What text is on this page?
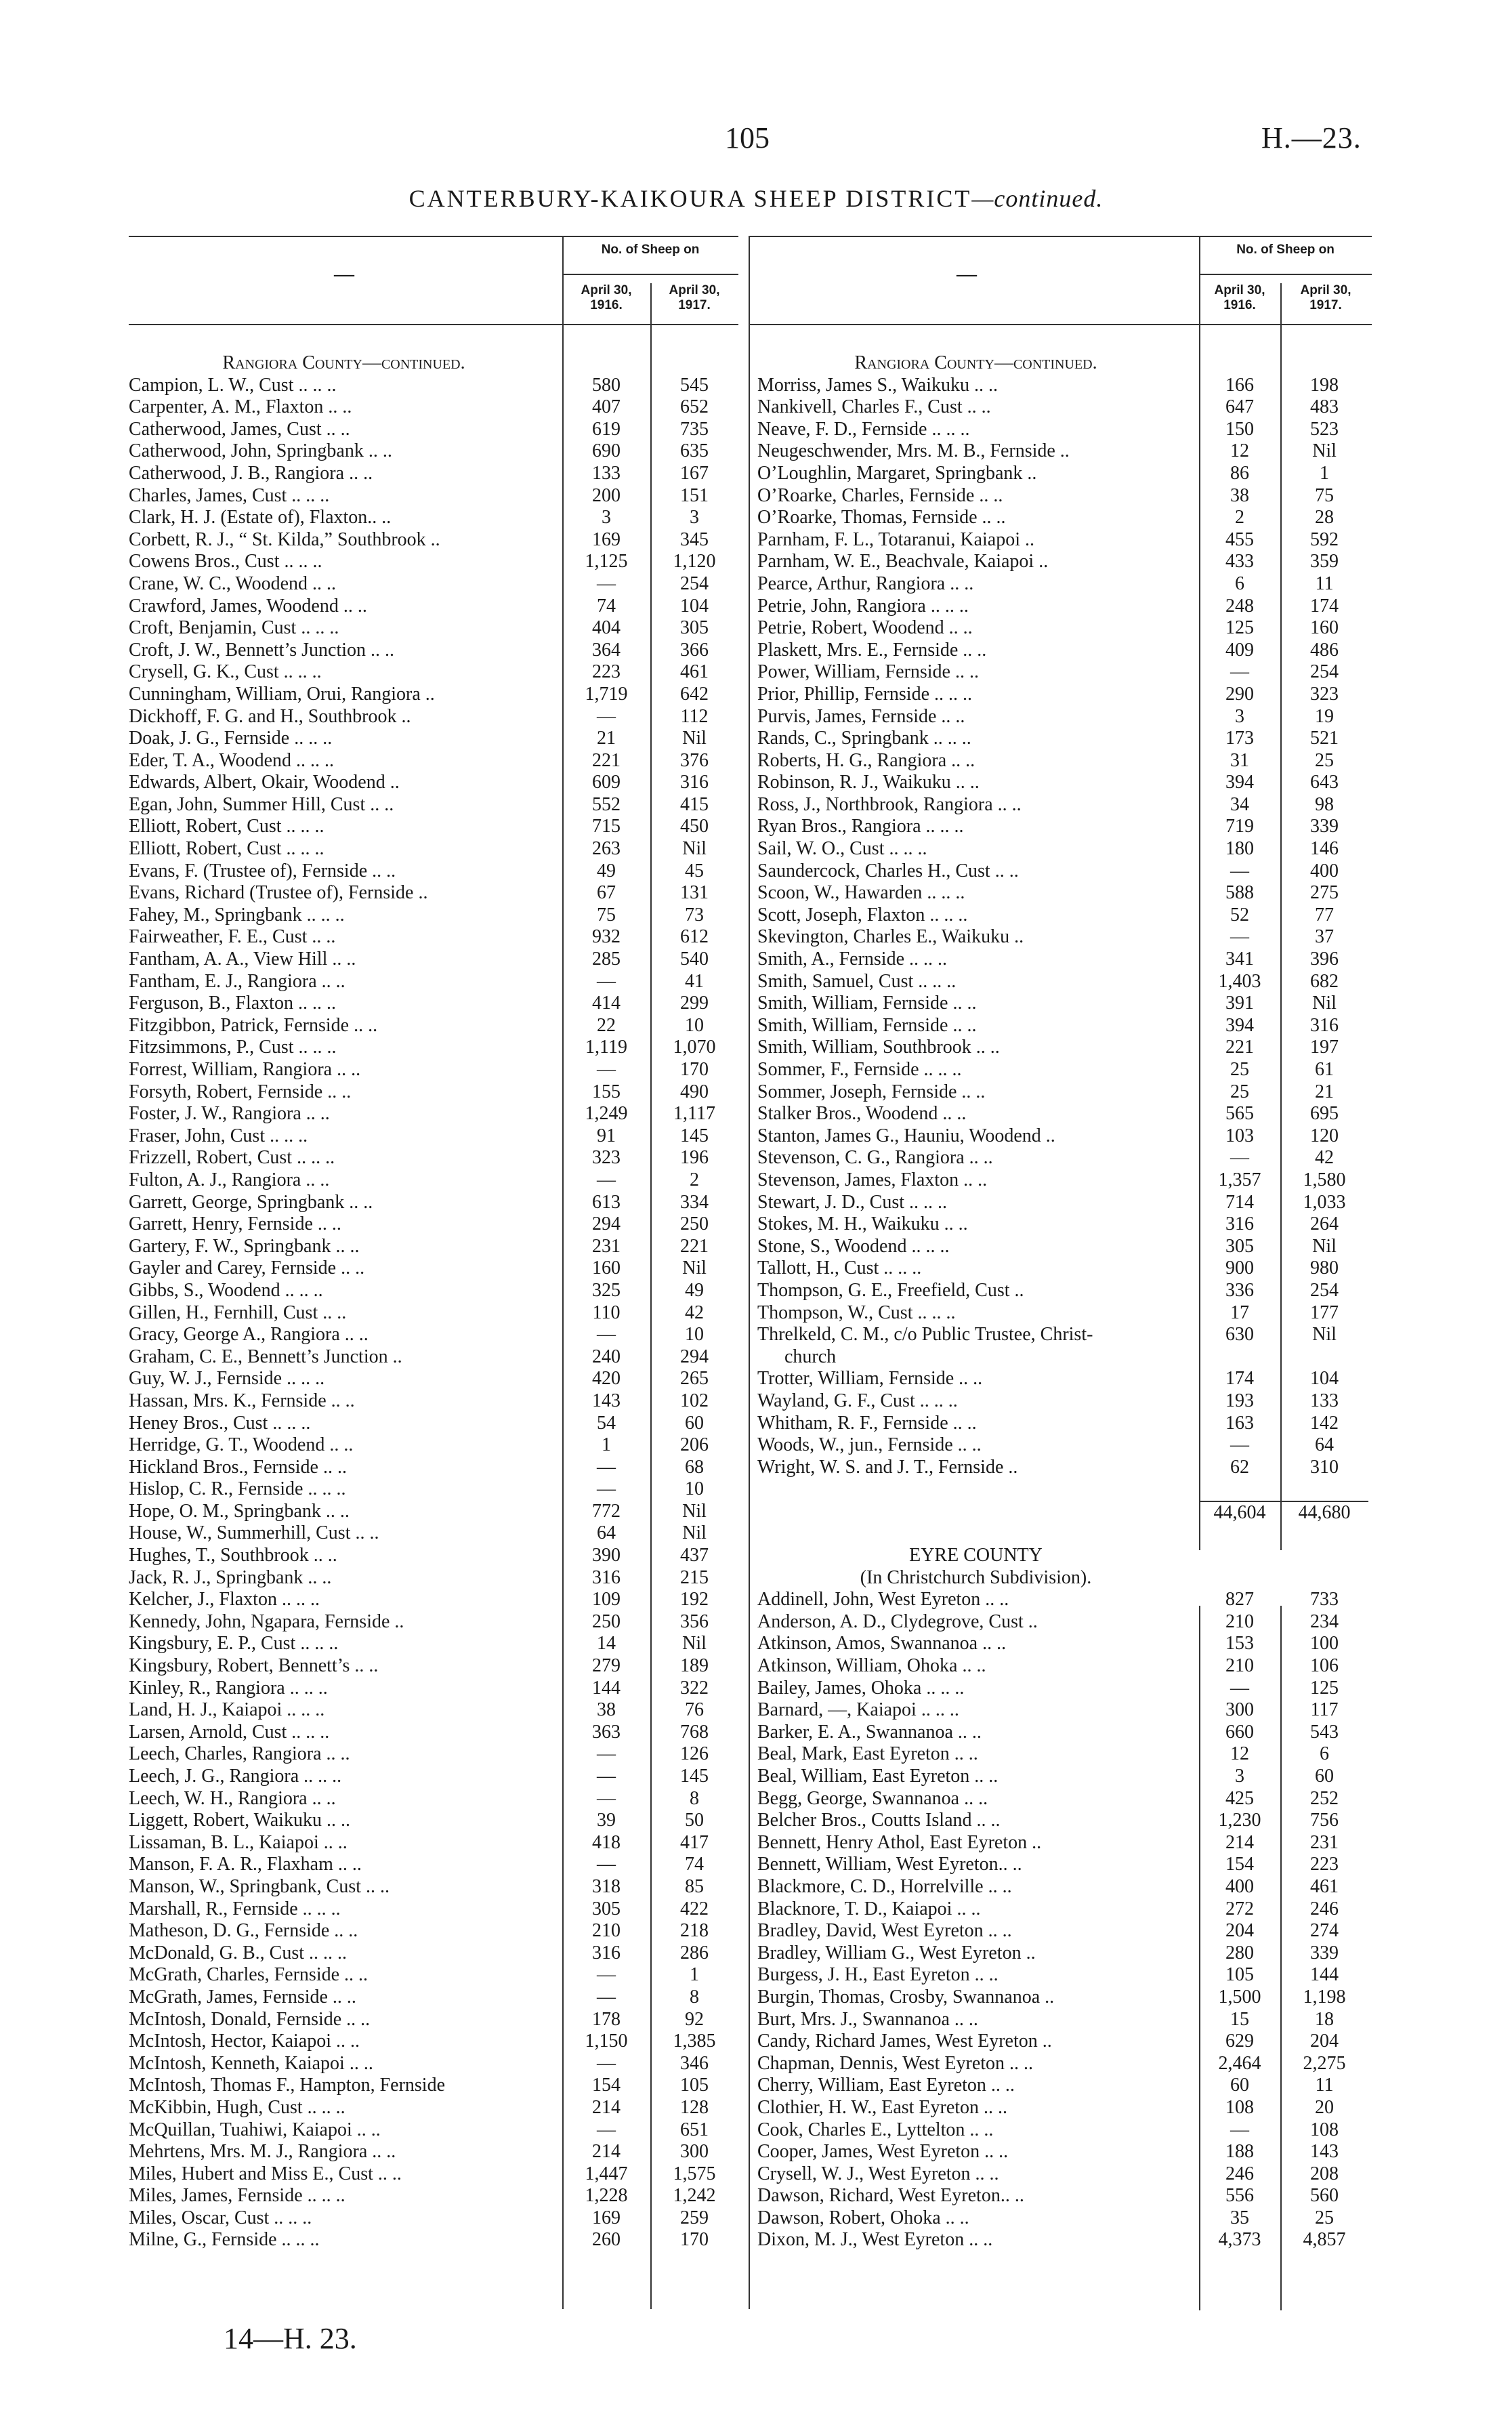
105	H.—23.
CANTERBURY-KAIKOURA SHEEP DISTRICT—continued.
—
No. of Sheep on
April 30, 1916.
April 30, 1917.
—
No. of Sheep on
April 30, 1916.
April 30, 1917.
Rangiora County—continued.
Campion, L. W., Cust .. .. ..	580	545
Carpenter, A. M., Flaxton .. ..	407	652
Catherwood, James, Cust .. ..	619	735
Catherwood, John, Springbank .. ..	690	635
Catherwood, J. B., Rangiora .. ..	133	167
Charles, James, Cust .. .. ..	200	151
Clark, H. J. (Estate of), Flaxton.. ..	3	3
Corbett, R. J., “ St. Kilda,” Southbrook ..	169	345
Cowens Bros., Cust .. .. ..	1,125	1,120
Crane, W. C., Woodend .. ..	—	254
Crawford, James, Woodend .. ..	74	104
Croft, Benjamin, Cust .. .. ..	404	305
Croft, J. W., Bennett’s Junction .. ..	364	366
Crysell, G. K., Cust .. .. ..	223	461
Cunningham, William, Orui, Rangiora ..	1,719	642
Dickhoff, F. G. and H., Southbrook ..	—	112
Doak, J. G., Fernside .. .. ..	21	Nil
Eder, T. A., Woodend .. .. ..	221	376
Edwards, Albert, Okair, Woodend ..	609	316
Egan, John, Summer Hill, Cust .. ..	552	415
Elliott, Robert, Cust .. .. ..	715	450
Elliott, Robert, Cust .. .. ..	263	Nil
Evans, F. (Trustee of), Fernside .. ..	49	45
Evans, Richard (Trustee of), Fernside ..	67	131
Fahey, M., Springbank .. .. ..	75	73
Fairweather, F. E., Cust .. ..	932	612
Fantham, A. A., View Hill .. ..	285	540
Fantham, E. J., Rangiora .. ..	—	41
Ferguson, B., Flaxton .. .. ..	414	299
Fitzgibbon, Patrick, Fernside .. ..	22	10
Fitzsimmons, P., Cust .. .. ..	1,119	1,070
Forrest, William, Rangiora .. ..	—	170
Forsyth, Robert, Fernside .. ..	155	490
Foster, J. W., Rangiora .. ..	1,249	1,117
Fraser, John, Cust .. .. ..	91	145
Frizzell, Robert, Cust .. .. ..	323	196
Fulton, A. J., Rangiora .. ..	—	2
Garrett, George, Springbank .. ..	613	334
Garrett, Henry, Fernside .. ..	294	250
Gartery, F. W., Springbank .. ..	231	221
Gayler and Carey, Fernside .. ..	160	Nil
Gibbs, S., Woodend .. .. ..	325	49
Gillen, H., Fernhill, Cust .. ..	110	42
Gracy, George A., Rangiora .. ..	—	10
Graham, C. E., Bennett’s Junction ..	240	294
Guy, W. J., Fernside .. .. ..	420	265
Hassan, Mrs. K., Fernside .. ..	143	102
Heney Bros., Cust .. .. ..	54	60
Herridge, G. T., Woodend .. ..	1	206
Hickland Bros., Fernside .. ..	—	68
Hislop, C. R., Fernside .. .. ..	—	10
Hope, O. M., Springbank .. ..	772	Nil
House, W., Summerhill, Cust .. ..	64	Nil
Hughes, T., Southbrook .. ..	390	437
Jack, R. J., Springbank .. ..	316	215
Kelcher, J., Flaxton .. .. ..	109	192
Kennedy, John, Ngapara, Fernside ..	250	356
Kingsbury, E. P., Cust .. .. ..	14	Nil
Kingsbury, Robert, Bennett’s .. ..	279	189
Kinley, R., Rangiora .. .. ..	144	322
Land, H. J., Kaiapoi .. .. ..	38	76
Larsen, Arnold, Cust .. .. ..	363	768
Leech, Charles, Rangiora .. ..	—	126
Leech, J. G., Rangiora .. .. ..	—	145
Leech, W. H., Rangiora .. ..	—	8
Liggett, Robert, Waikuku .. ..	39	50
Lissaman, B. L., Kaiapoi .. ..	418	417
Manson, F. A. R., Flaxham .. ..	—	74
Manson, W., Springbank, Cust .. ..	318	85
Marshall, R., Fernside .. .. ..	305	422
Matheson, D. G., Fernside .. ..	210	218
McDonald, G. B., Cust .. .. ..	316	286
McGrath, Charles, Fernside .. ..	—	1
McGrath, James, Fernside .. ..	—	8
McIntosh, Donald, Fernside .. ..	178	92
McIntosh, Hector, Kaiapoi .. ..	1,150	1,385
McIntosh, Kenneth, Kaiapoi .. ..	—	346
McIntosh, Thomas F., Hampton, Fernside	154	105
McKibbin, Hugh, Cust .. .. ..	214	128
McQuillan, Tuahiwi, Kaiapoi .. ..	—	651
Mehrtens, Mrs. M. J., Rangiora .. ..	214	300
Miles, Hubert and Miss E., Cust .. ..	1,447	1,575
Miles, James, Fernside .. .. ..	1,228	1,242
Miles, Oscar, Cust .. .. ..	169	259
Milne, G., Fernside .. .. ..	260	170
Rangiora County—continued.
Morriss, James S., Waikuku .. ..	166	198
Nankivell, Charles F., Cust .. ..	647	483
Neave, F. D., Fernside .. .. ..	150	523
Neugeschwender, Mrs. M. B., Fernside ..	12	Nil
O’Loughlin, Margaret, Springbank ..	86	1
O’Roarke, Charles, Fernside .. ..	38	75
O’Roarke, Thomas, Fernside .. ..	2	28
Parnham, F. L., Totaranui, Kaiapoi ..	455	592
Parnham, W. E., Beachvale, Kaiapoi ..	433	359
Pearce, Arthur, Rangiora .. ..	6	11
Petrie, John, Rangiora .. .. ..	248	174
Petrie, Robert, Woodend .. ..	125	160
Plaskett, Mrs. E., Fernside .. ..	409	486
Power, William, Fernside .. ..	—	254
Prior, Phillip, Fernside .. .. ..	290	323
Purvis, James, Fernside .. ..	3	19
Rands, C., Springbank .. .. ..	173	521
Roberts, H. G., Rangiora .. ..	31	25
Robinson, R. J., Waikuku .. ..	394	643
Ross, J., Northbrook, Rangiora .. ..	34	98
Ryan Bros., Rangiora .. .. ..	719	339
Sail, W. O., Cust .. .. ..	180	146
Saundercock, Charles H., Cust .. ..	—	400
Scoon, W., Hawarden .. .. ..	588	275
Scott, Joseph, Flaxton .. .. ..	52	77
Skevington, Charles E., Waikuku ..	—	37
Smith, A., Fernside .. .. ..	341	396
Smith, Samuel, Cust .. .. ..	1,403	682
Smith, William, Fernside .. ..	391	Nil
Smith, William, Fernside .. ..	394	316
Smith, William, Southbrook .. ..	221	197
Sommer, F., Fernside .. .. ..	25	61
Sommer, Joseph, Fernside .. ..	25	21
Stalker Bros., Woodend .. ..	565	695
Stanton, James G., Hauniu, Woodend ..	103	120
Stevenson, C. G., Rangiora .. ..	—	42
Stevenson, James, Flaxton .. ..	1,357	1,580
Stewart, J. D., Cust .. .. ..	714	1,033
Stokes, M. H., Waikuku .. ..	316	264
Stone, S., Woodend .. .. ..	305	Nil
Tallott, H., Cust .. .. ..	900	980
Thompson, G. E., Freefield, Cust ..	336	254
Thompson, W., Cust .. .. ..	17	177
Threlkeld, C. M., c/o Public Trustee, Christ-	630	Nil
church
Trotter, William, Fernside .. ..	174	104
Wayland, G. F., Cust .. .. ..	193	133
Whitham, R. F., Fernside .. ..	163	142
Woods, W., jun., Fernside .. ..	—	64
Wright, W. S. and J. T., Fernside ..	62	310
44,604	44,680
EYRE COUNTY
(In Christchurch Subdivision).
Addinell, John, West Eyreton .. ..	827	733
Anderson, A. D., Clydegrove, Cust ..	210	234
Atkinson, Amos, Swannanoa .. ..	153	100
Atkinson, William, Ohoka .. ..	210	106
Bailey, James, Ohoka .. .. ..	—	125
Barnard, —, Kaiapoi .. .. ..	300	117
Barker, E. A., Swannanoa .. ..	660	543
Beal, Mark, East Eyreton .. ..	12	6
Beal, William, East Eyreton .. ..	3	60
Begg, George, Swannanoa .. ..	425	252
Belcher Bros., Coutts Island .. ..	1,230	756
Bennett, Henry Athol, East Eyreton ..	214	231
Bennett, William, West Eyreton.. ..	154	223
Blackmore, C. D., Horrelville .. ..	400	461
Blacknore, T. D., Kaiapoi .. ..	272	246
Bradley, David, West Eyreton .. ..	204	274
Bradley, William G., West Eyreton ..	280	339
Burgess, J. H., East Eyreton .. ..	105	144
Burgin, Thomas, Crosby, Swannanoa ..	1,500	1,198
Burt, Mrs. J., Swannanoa .. ..	15	18
Candy, Richard James, West Eyreton ..	629	204
Chapman, Dennis, West Eyreton .. ..	2,464	2,275
Cherry, William, East Eyreton .. ..	60	11
Clothier, H. W., East Eyreton .. ..	108	20
Cook, Charles E., Lyttelton .. ..	—	108
Cooper, James, West Eyreton .. ..	188	143
Crysell, W. J., West Eyreton .. ..	246	208
Dawson, Richard, West Eyreton.. ..	556	560
Dawson, Robert, Ohoka .. ..	35	25
Dixon, M. J., West Eyreton .. ..	4,373	4,857
14—H. 23.
